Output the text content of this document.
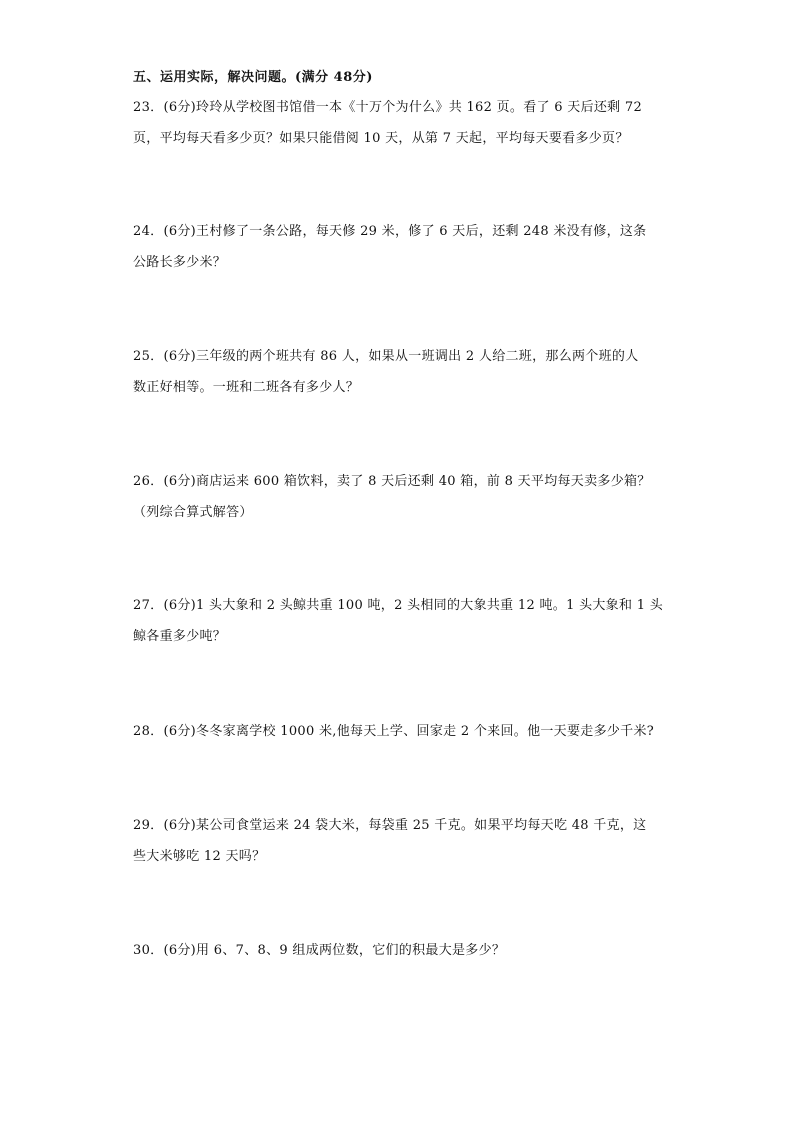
五、运用实际，解决问题。(满分 48分)
23．(6分)玲玲从学校图书馆借一本《十万个为什么》共 162 页。看了 6 天后还剩 72
页，平均每天看多少页？如果只能借阅 10 天，从第 7 天起，平均每天要看多少页？
24．(6分)王村修了一条公路，每天修 29 米，修了 6 天后，还剩 248 米没有修，这条
公路长多少米？
25．(6分)三年级的两个班共有 86 人，如果从一班调出 2 人给二班，那么两个班的人
数正好相等。一班和二班各有多少人？
26．(6分)商店运来 600 箱饮料，卖了 8 天后还剩 40 箱，前 8 天平均每天卖多少箱？
（列综合算式解答）
27．(6分)1 头大象和 2 头鲸共重 100 吨，2 头相同的大象共重 12 吨。1 头大象和 1 头
鲸各重多少吨？
28．(6分)冬冬家离学校 1000 米,他每天上学、回家走 2 个来回。他一天要走多少千米?
29．(6分)某公司食堂运来 24 袋大米，每袋重 25 千克。如果平均每天吃 48 千克，这
些大米够吃 12 天吗？
30．(6分)用 6、7、8、9 组成两位数，它们的积最大是多少？
